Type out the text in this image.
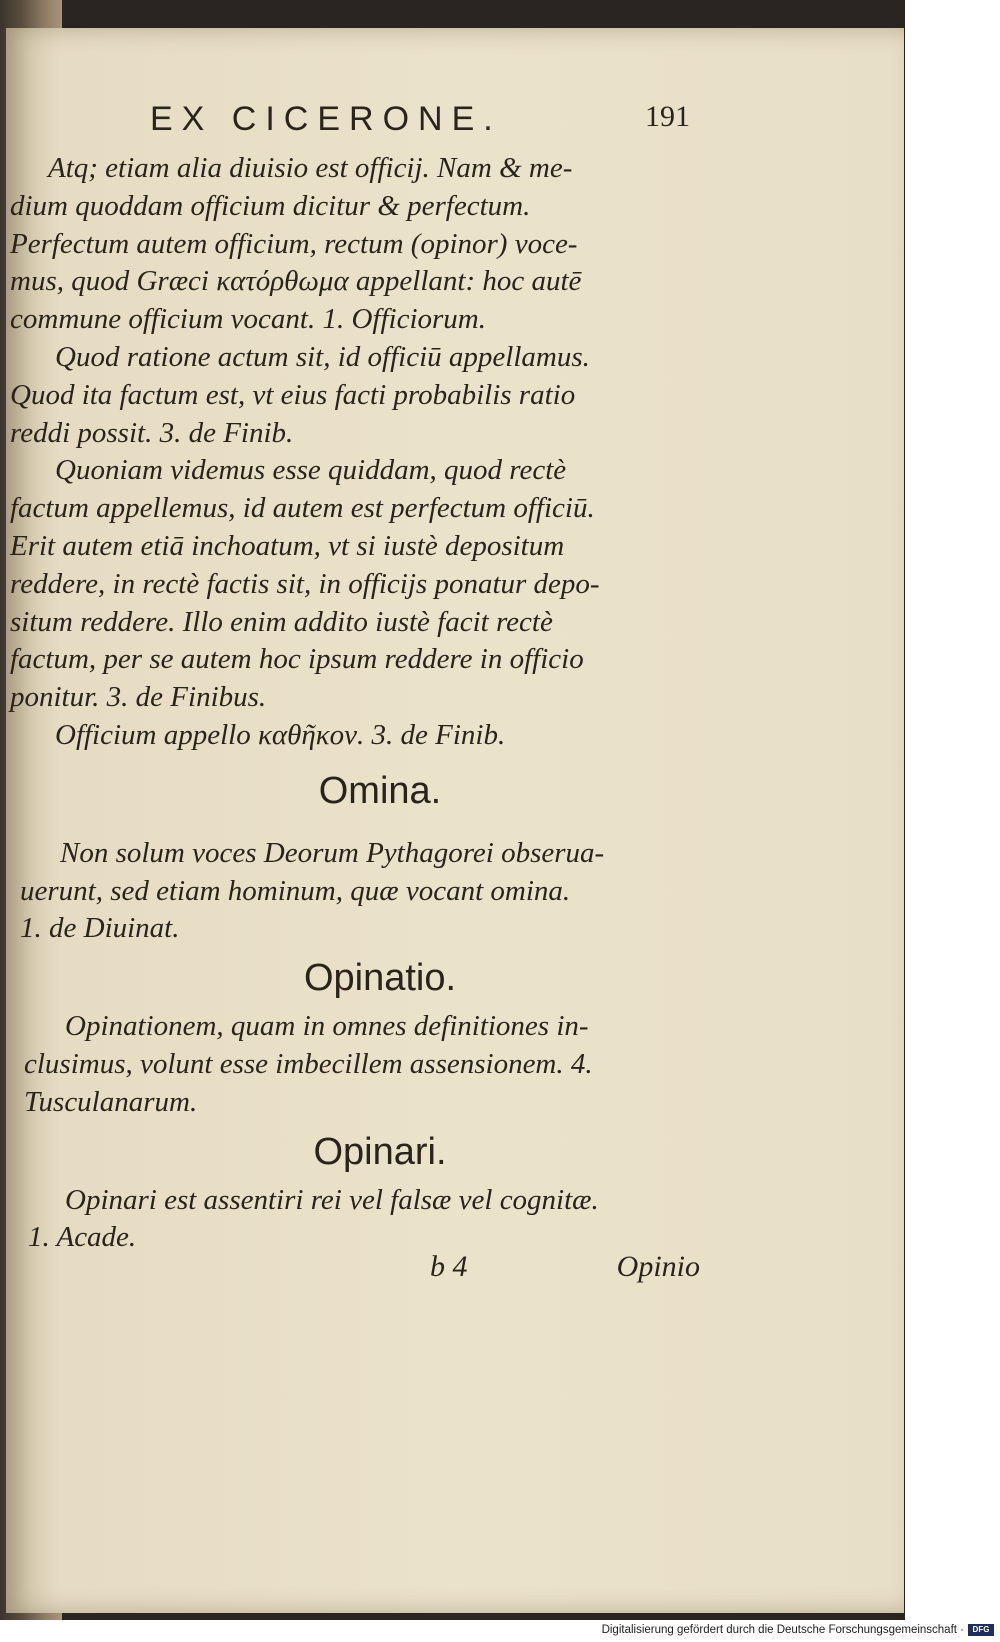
EX CICERONE.	191
Atq; etiam alia diuisio est officij. Nam & me-
dium quoddam officium dicitur & perfectum.
Perfectum autem officium, rectum (opinor) voce-
mus, quod Græci κατόρθωμα appellant: hoc autē
commune officium vocant. 1. Officiorum.
Quod ratione actum sit, id officiū appellamus.
Quod ita factum est, vt eius facti probabilis ratio
reddi possit. 3. de Finib.
Quoniam videmus esse quiddam, quod rectè
factum appellemus, id autem est perfectum officiū.
Erit autem etiā inchoatum, vt si iustè depositum
reddere, in rectè factis sit, in officijs ponatur depo-
situm reddere. Illo enim addito iustè facit rectè
factum, per se autem hoc ipsum reddere in officio
ponitur. 3. de Finibus.
Officium appello καθῆκον. 3. de Finib.
Omina.
Non solum voces Deorum Pythagorei obserua-
uerunt, sed etiam hominum, quæ vocant omina.
1. de Diuinat.
Opinatio.
Opinationem, quam in omnes definitiones in-
clusimus, volunt esse imbecillem assensionem. 4.
Tusculanarum.
Opinari.
Opinari est assentiri rei vel falsæ vel cognitæ.
1. Acade.
b 4	Opinio
Digitalisierung gefördert durch die Deutsche Forschungsgemeinschaft ·	DFG
